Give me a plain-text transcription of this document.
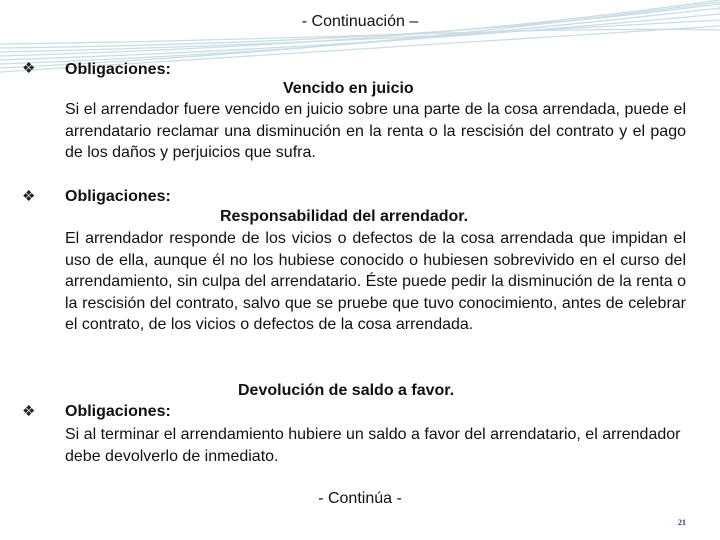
- Continuación –
❖ Obligaciones:
Vencido en juicio
Si el arrendador fuere vencido en juicio sobre una parte de la cosa arrendada, puede el arrendatario reclamar una disminución en la renta o la rescisión del contrato y el pago de los daños y perjuicios que sufra.
❖ Obligaciones:
Responsabilidad del arrendador.
El arrendador responde de los vicios o defectos de la cosa arrendada que impidan el uso de ella, aunque él no los hubiese conocido o hubiesen sobrevivido en el curso del arrendamiento, sin culpa del arrendatario. Éste puede pedir la disminución de la renta o la rescisión del contrato, salvo que se pruebe que tuvo conocimiento, antes de celebrar el contrato, de los vicios o defectos de la cosa arrendada.
Devolución de saldo a favor.
❖ Obligaciones:
Si al terminar el arrendamiento hubiere un saldo a favor del arrendatario, el arrendador debe devolverlo de inmediato.
- Continúa -
21
